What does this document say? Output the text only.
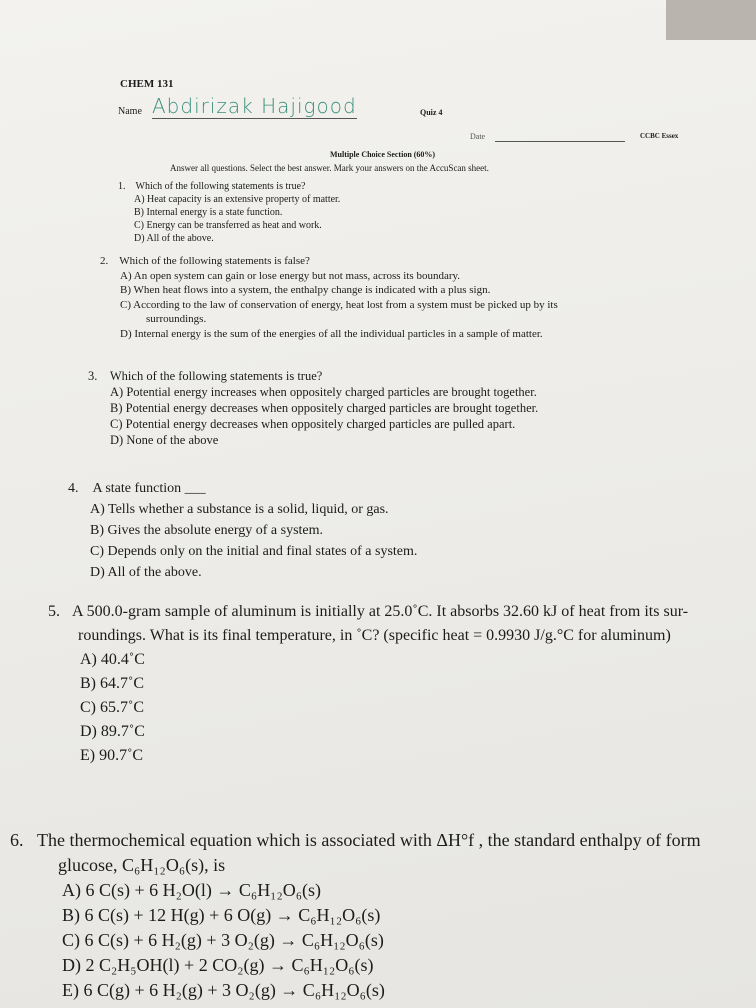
CHEM 131
Name Abdirizak Hajigood	Quiz 4
Date	CCBC Essex
Multiple Choice Section (60%)
Answer all questions. Select the best answer. Mark your answers on the AccuScan sheet.
1. Which of the following statements is true?
A) Heat capacity is an extensive property of matter.
B) Internal energy is a state function.
C) Energy can be transferred as heat and work.
D) All of the above.
2. Which of the following statements is false?
A) An open system can gain or lose energy but not mass, across its boundary.
B) When heat flows into a system, the enthalpy change is indicated with a plus sign.
C) According to the law of conservation of energy, heat lost from a system must be picked up by its
surroundings.
D) Internal energy is the sum of the energies of all the individual particles in a sample of matter.
3. Which of the following statements is true?
A) Potential energy increases when oppositely charged particles are brought together.
B) Potential energy decreases when oppositely charged particles are brought together.
C) Potential energy decreases when oppositely charged particles are pulled apart.
D) None of the above
4. A state function ___
A) Tells whether a substance is a solid, liquid, or gas.
B) Gives the absolute energy of a system.
C) Depends only on the initial and final states of a system.
D) All of the above.
5. A 500.0-gram sample of aluminum is initially at 25.0˚C. It absorbs 32.60 kJ of heat from its sur-
roundings. What is its final temperature, in ˚C? (specific heat = 0.9930 J/g.°C for aluminum)
A) 40.4˚C
B) 64.7˚C
C) 65.7˚C
D) 89.7˚C
E) 90.7˚C
6. The thermochemical equation which is associated with ΔH°f , the standard enthalpy of form
glucose, C₆H₁₂O₆(s), is
A) 6 C(s) + 6 H₂O(l) → C₆H₁₂O₆(s)
B) 6 C(s) + 12 H(g) + 6 O(g) → C₆H₁₂O₆(s)
C) 6 C(s) + 6 H₂(g) + 3 O₂(g) → C₆H₁₂O₆(s)
D) 2 C₂H₅OH(l) + 2 CO₂(g) → C₆H₁₂O₆(s)
E) 6 C(g) + 6 H₂(g) + 3 O₂(g) → C₆H₁₂O₆(s)
